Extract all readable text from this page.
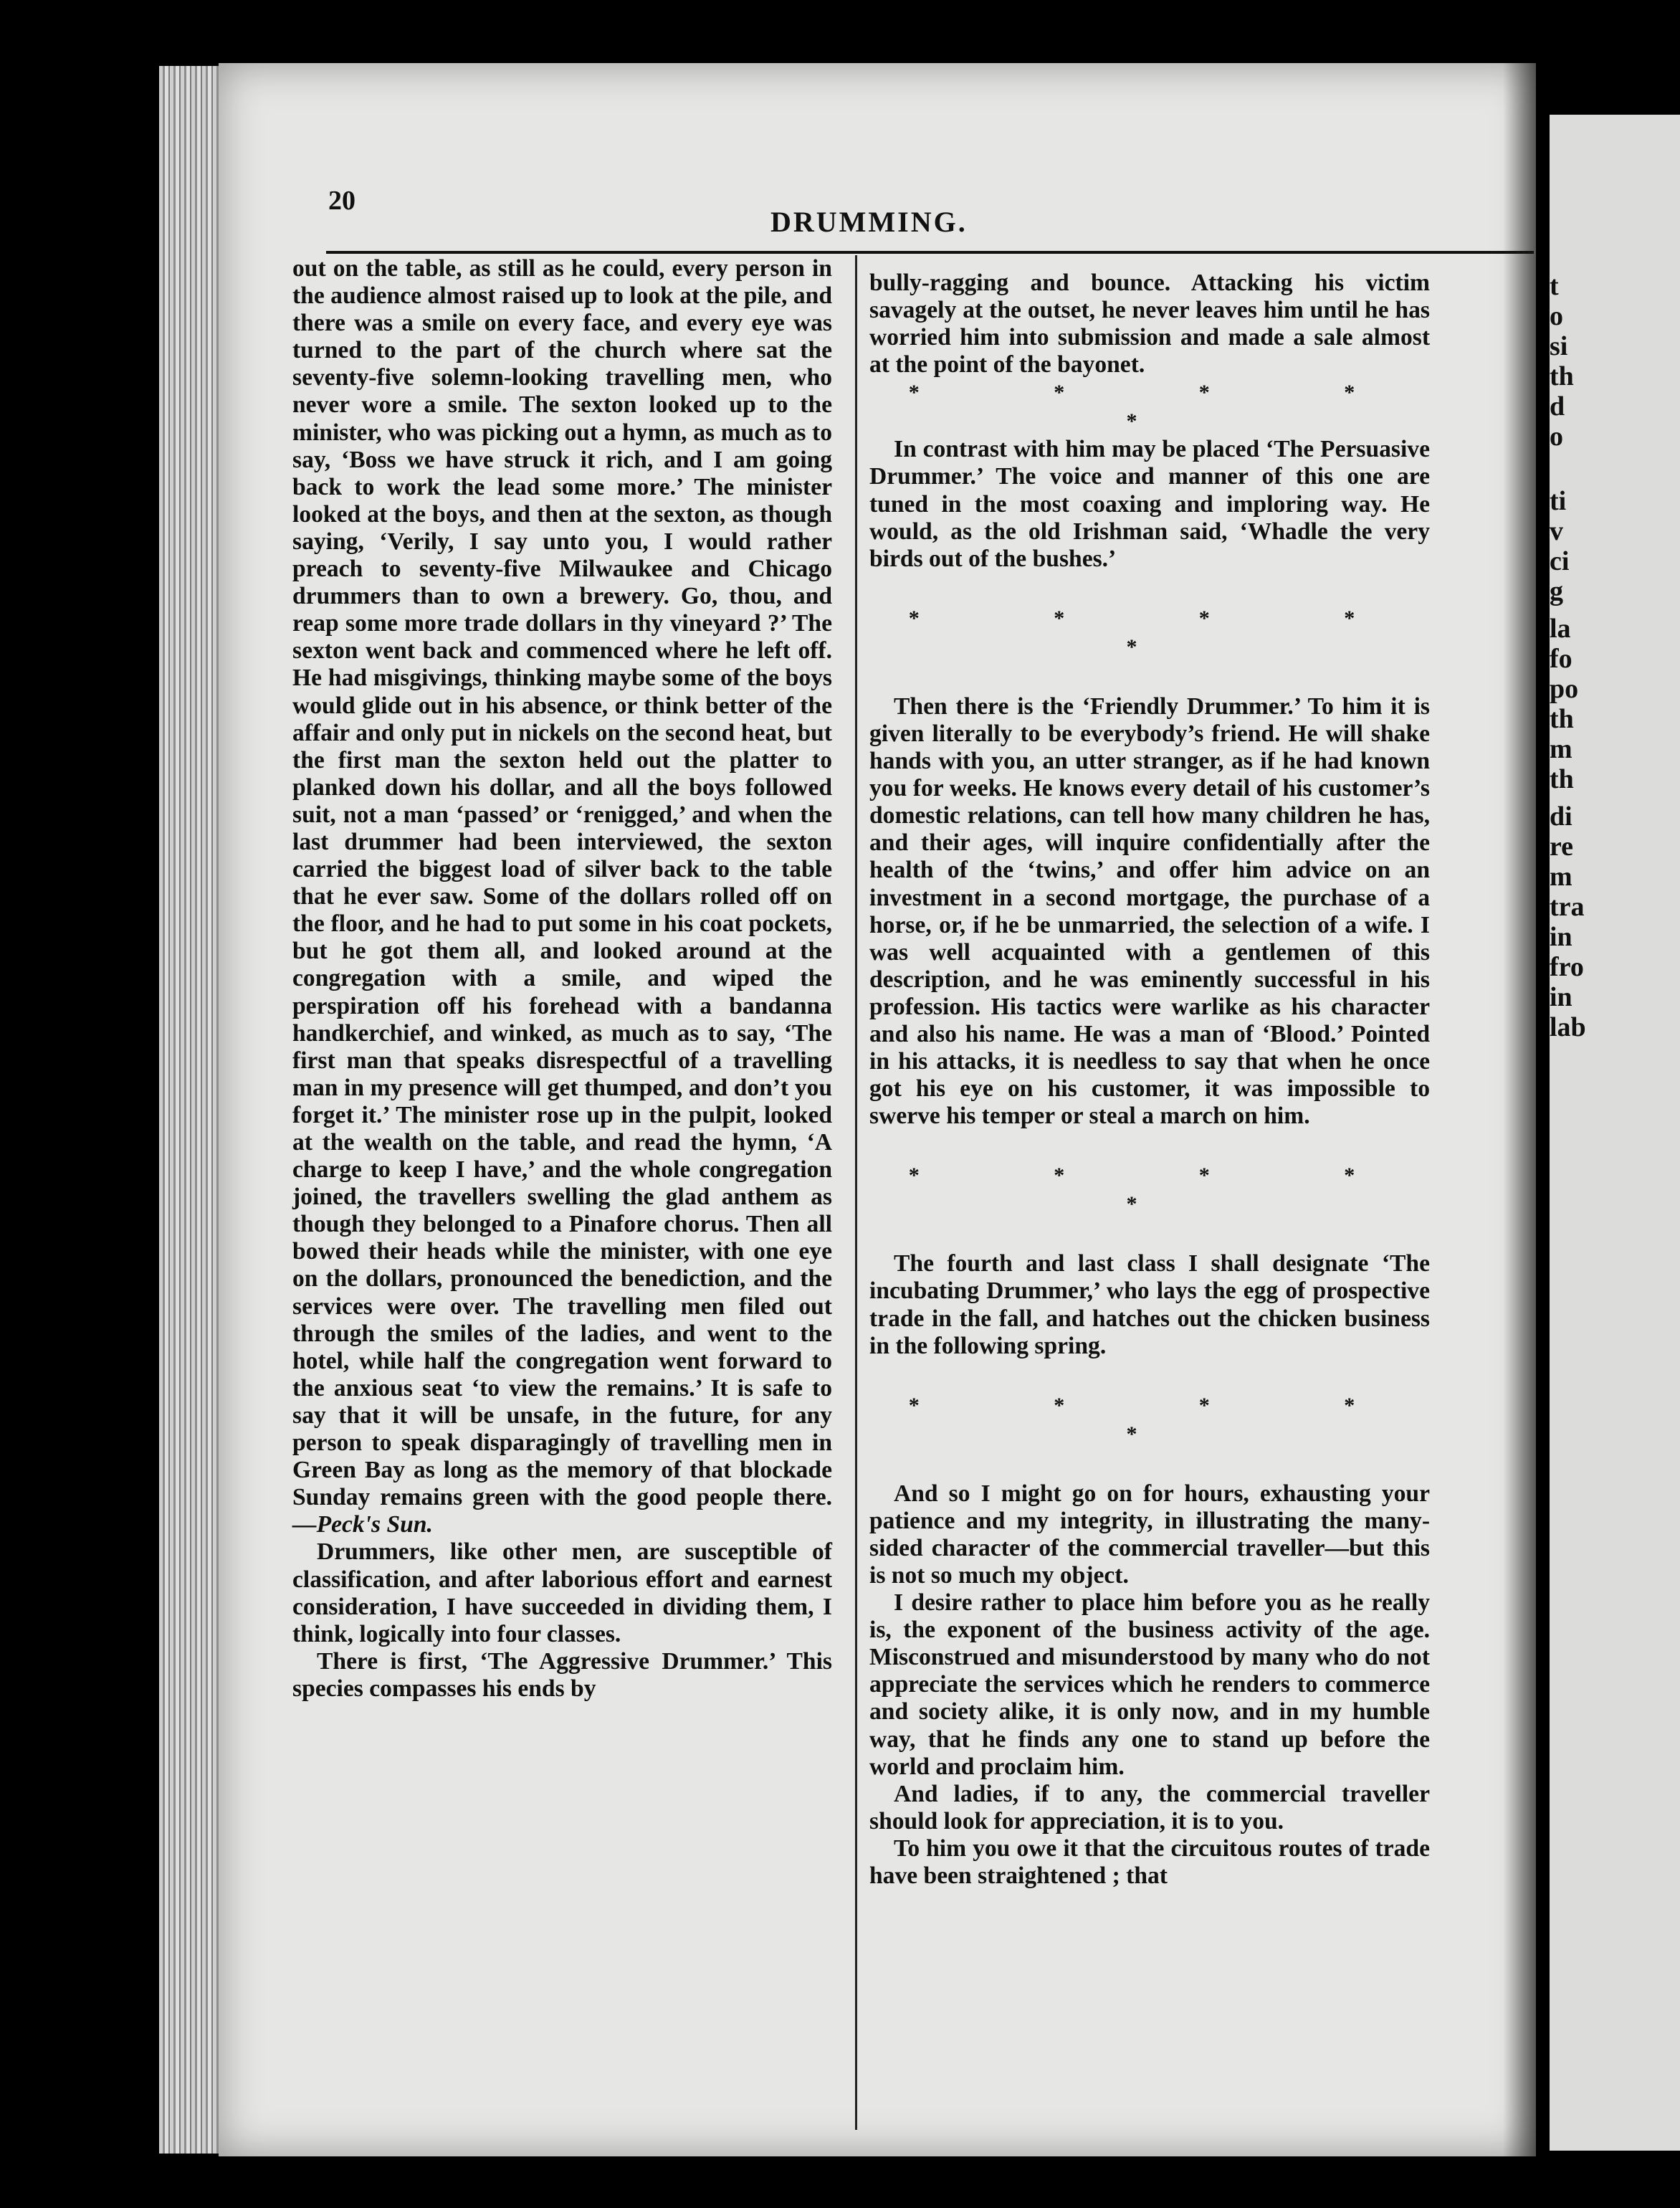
20
DRUMMING.

out on the table, as still as he could, every person in the audience almost raised up to look at the pile, and there was a smile on every face, and every eye was turned to the part of the church where sat the seventy-five solemn-looking travelling men, who never wore a smile. The sexton looked up to the minister, who was picking out a hymn, as much as to say, ‘Boss we have struck it rich, and I am going back to work the lead some more.’ The minister looked at the boys, and then at the sexton, as though saying, ‘Verily, I say unto you, I would rather preach to seventy-five Milwaukee and Chicago drummers than to own a brewery. Go, thou, and reap some more trade dollars in thy vineyard ?’ The sexton went back and commenced where he left off. He had misgivings, thinking maybe some of the boys would glide out in his absence, or think better of the affair and only put in nickels on the second heat, but the first man the sexton held out the platter to planked down his dollar, and all the boys followed suit, not a man ‘passed’ or ‘renigged,’ and when the last drummer had been interviewed, the sexton carried the biggest load of silver back to the table that he ever saw. Some of the dollars rolled off on the floor, and he had to put some in his coat pockets, but he got them all, and looked around at the congregation with a smile, and wiped the perspiration off his forehead with a bandanna handkerchief, and winked, as much as to say, ‘The first man that speaks disrespectful of a travelling man in my presence will get thumped, and don’t you forget it.’ The minister rose up in the pulpit, looked at the wealth on the table, and read the hymn, ‘A charge to keep I have,’ and the whole congregation joined, the travellers swelling the glad anthem as though they belonged to a Pinafore chorus. Then all bowed their heads while the minister, with one eye on the dollars, pronounced the benediction, and the services were over. The travelling men filed out through the smiles of the ladies, and went to the hotel, while half the congregation went forward to the anxious seat ‘to view the remains.’ It is safe to say that it will be unsafe, in the future, for any person to speak disparagingly of travelling men in Green Bay as long as the memory of that blockade Sunday remains green with the good people there. —Peck's Sun.

Drummers, like other men, are susceptible of classification, and after laborious effort and earnest consideration, I have succeeded in dividing them, I think, logically into four classes.

There is first, ‘The Aggressive Drummer.’ This species compasses his ends by

bully-ragging and bounce. Attacking his victim savagely at the outset, he never leaves him until he has worried him into submission and made a sale almost at the point of the bayonet.

* * * * *

In contrast with him may be placed ‘The Persuasive Drummer.’ The voice and manner of this one are tuned in the most coaxing and imploring way. He would, as the old Irishman said, ‘Whadle the very birds out of the bushes.’

* * * * *

Then there is the ‘Friendly Drummer.’ To him it is given literally to be everybody’s friend. He will shake hands with you, an utter stranger, as if he had known you for weeks. He knows every detail of his customer’s domestic relations, can tell how many children he has, and their ages, will inquire confidentially after the health of the ‘twins,’ and offer him advice on an investment in a second mortgage, the purchase of a horse, or, if he be unmarried, the selection of a wife. I was well acquainted with a gentlemen of this description, and he was eminently successful in his profession. His tactics were warlike as his character and also his name. He was a man of ‘Blood.’ Pointed in his attacks, it is needless to say that when he once got his eye on his customer, it was impossible to swerve his temper or steal a march on him.

* * * * *

The fourth and last class I shall designate ‘The incubating Drummer,’ who lays the egg of prospective trade in the fall, and hatches out the chicken business in the following spring.

* * * * *

And so I might go on for hours, exhausting your patience and my integrity, in illustrating the many-sided character of the commercial traveller—but this is not so much my object.

I desire rather to place him before you as he really is, the exponent of the business activity of the age. Misconstrued and misunderstood by many who do not appreciate the services which he renders to commerce and society alike, it is only now, and in my humble way, that he finds any one to stand up before the world and proclaim him.

And ladies, if to any, the commercial traveller should look for appreciation, it is to you.

To him you owe it that the circuitous routes of trade have been straightened ; that

t
o
si
th
d
o
ti
v
ci
g
la
fo
po
th
m
th
di
re
m
tra
in
fro
in
lab
